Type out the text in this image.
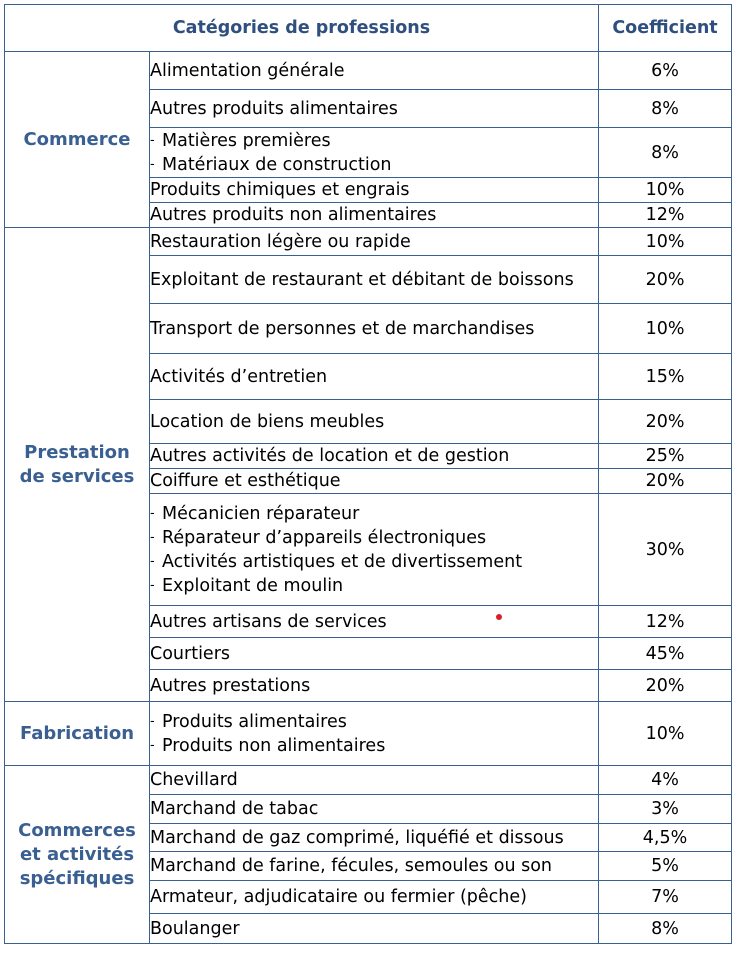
Catégories de professions		Coefficient
Commerce	Alimentation générale	6%
	Autres produits alimentaires	8%

	- Matières premières
- Matériaux de construction	8%
	Produits chimiques et engrais	10%
	Autres produits non alimentaires	12%
Prestation
de services	Restauration légère ou rapide	10%
	Exploitant de restaurant et débitant de boissons	20%
	Transport de personnes et de marchandises	10%
	Activités d’entretien	15%
	Location de biens meubles	20%
	Autres activités de location et de gestion	25%
	Coiffure et esthétique	20%

	- Mécanicien réparateur
- Réparateur d’appareils électroniques
- Activités artistiques et de divertissement
- Exploitant de moulin	30%
	Autres artisans de services	12%
	Courtiers	45%
	Autres prestations	20%
Fabrication	- Produits alimentaires
- Produits non alimentaires	10%
Commerces
et activités
spécifiques	Chevillard	4%
	Marchand de tabac	3%
	Marchand de gaz comprimé, liquéfié et dissous	4,5%
	Marchand de farine, fécules, semoules ou son	5%
	Armateur, adjudicataire ou fermier (pêche)	7%
	Boulanger	8%
